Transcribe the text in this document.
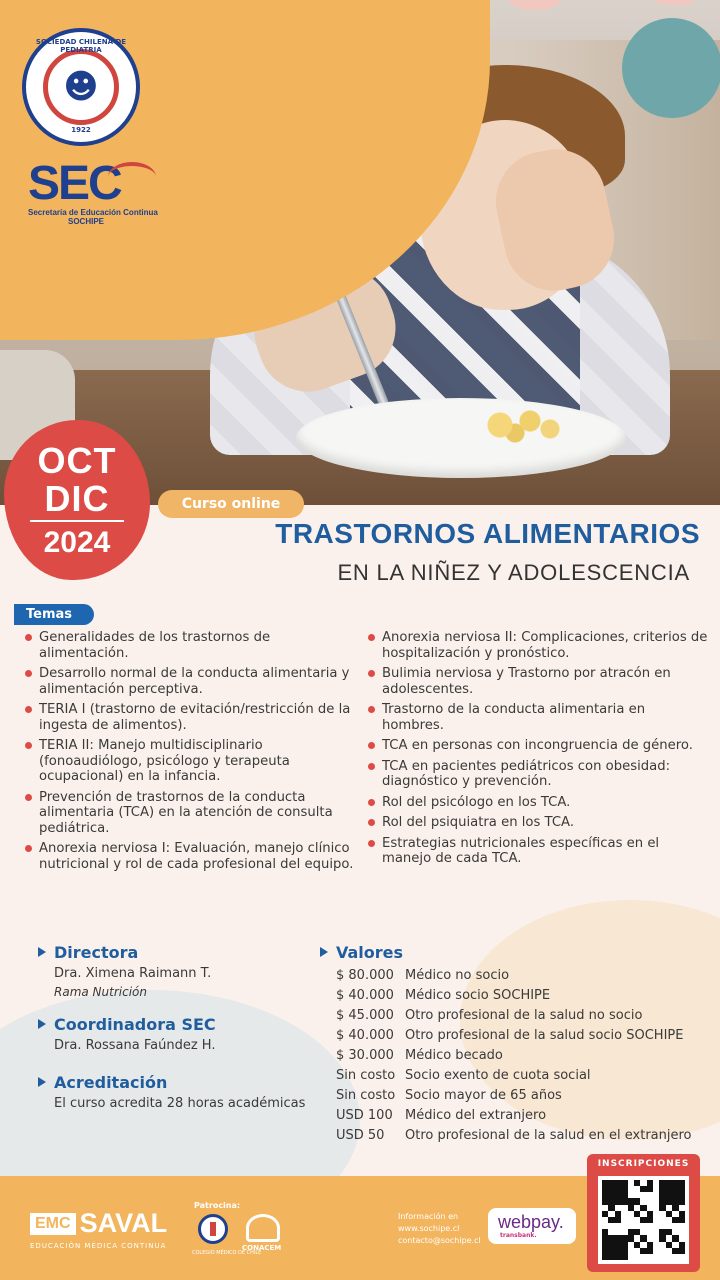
SOCIEDAD CHILENA DE PEDIATRIA
☻
1922
SEC
Secretaría de Educación Continua
SOCHIPE
OCT
DIC
2024
Curso online
TRASTORNOS ALIMENTARIOS
EN LA NIÑEZ Y ADOLESCENCIA
Temas
Generalidades de los trastornos de alimentación.
Desarrollo normal de la conducta alimentaria y alimentación perceptiva.
TERIA I (trastorno de evitación/restricción de la ingesta de alimentos).
TERIA II: Manejo multidisciplinario (fonoaudiólogo, psicólogo y terapeuta ocupacional) en la infancia.
Prevención de trastornos de la conducta alimentaria (TCA) en la atención de consulta pediátrica.
Anorexia nerviosa I: Evaluación, manejo clínico nutricional y rol de cada profesional del equipo.
Anorexia nerviosa II: Complicaciones, criterios de hospitalización y pronóstico.
Bulimia nerviosa y Trastorno por atracón en adolescentes.
Trastorno de la conducta alimentaria en hombres.
TCA en personas con incongruencia de género.
TCA en pacientes pediátricos con obesidad: diagnóstico y prevención.
Rol del psicólogo en los TCA.
Rol del psiquiatra en los TCA.
Estrategias nutricionales específicas en el manejo de cada TCA.
Directora
Dra. Ximena Raimann T.
Rama Nutrición
Coordinadora SEC
Dra. Rossana Faúndez H.
Acreditación
El curso acredita 28 horas académicas
Valores
$ 80.000 Médico no socio
$ 40.000 Médico socio SOCHIPE
$ 45.000 Otro profesional de la salud no socio
$ 40.000 Otro profesional de la salud socio SOCHIPE
$ 30.000 Médico becado
Sin costo Socio exento de cuota social
Sin costo Socio mayor de 65 años
USD 100 Médico del extranjero
USD 50	Otro profesional de la salud en el extranjero
EMC SAVAL
EDUCACIÓN MÉDICA CONTINUA
Patrocina:
COLEGIO MÉDICO DE CHILE
CONACEM
Información en
www.sochipe.cl
contacto@sochipe.cl
webpay.
transbank.
INSCRIPCIONES
